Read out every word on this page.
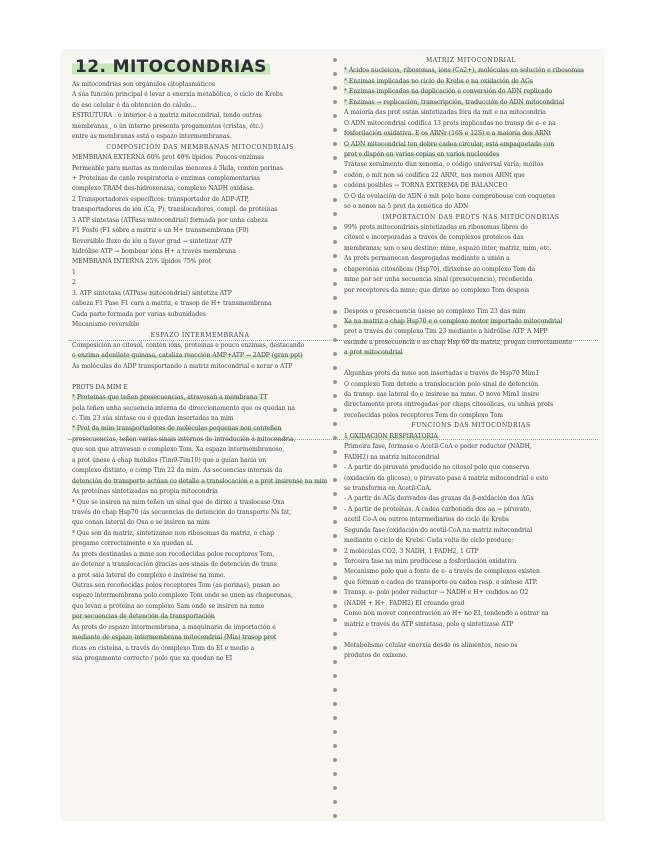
12. MITOCONDRIAS
As mitocondrias son orgánulos citoplasmáticos
A súa función principal é levar a enerxía metabólica, o ciclo de Krebs
de ese celular é da obtención do cálulo…
ESTRUTURA : o interior é a matriz mitocondrial, tendo outras
membranas , o ún interno presenta pregamentos (cristas, etc.)
entre as membranas está o espazo intermembranas.
COMPOSICIÓN DAS MEMBRANAS MITOCONDRIAIS
MEMBRANA EXTERNA 60% prot 40% lípidos. Poucos enzimas
Permeable para moitas as moléculas menores á 5kda, contén porinas
+ Proteínas de canle respiratoria e enzimas complementarias
complexo TRAM des-hidroxenasa, complexo NADH oxidasa.
2 Transportadores específicos: transportador de ADP-ATP,
transportadores de ión (Ca, P), translocadores, compl. de proteínas
3 ATP sintetasa (ATPasa mitocondrial) formada por unha cabeza
F1 Fosfo (F1 sobre a matriz e un H+ transmembrana (F0)
Reversible fluxo de ión a favor grad → sintetizar ATP
hidrólise ATP → bombear ións H+ a través membrana
MEMBRANA INTERNA 25% lípidos 75% prot
1
2
3. ATP sintetasa (ATPase mitocondrial) sintetiza ATP
cabeza F1 Pase F1 cara a matriz, e trasop de H+ transmembrana
Cada parte formada por varias subunidades
Mecanismo reversible
ESPAZO INTERMEMBRANA
Composición ao citosol, contén ións, proteínas e pouco enzimas, destacando
o enzima adenilato quinasa, cataliza reacción AMP+ATP → 2ADP (gran ppt)
As moléculas do ADP transportando á matriz mitocondrial e xerar o ATP
PROTS DA MIM E
* Proteínas que teñen presecuencias, atravesan a membrana TT
pola teñen unha secuencia interna de direccionamento que os quedan na
c. Tim 23 súa sintase ou é quedan insertadas na mim
* Prot da mim transportadores de moléculas pequenas non conteñen
presecuencias, teñen varias sinais internos de introdución á mitocondria,
que son que atravesan o complexo Tom. Xa espazo intermembranoso,
a prot únese á chap móbiles (Tim9-Tim10) que a guían hacia un
complexo distinto, o comp Tim 22 da mim. As secuencias internas da
detención do transporte actúan co detalle a translocación e a prot insirense na mim
As proteínas sintetizadas na propia mitocondria
* Que se insiren na mim teñen un sinal que de dirixe á traslocase Oxa
través do chap Hsp70 (ás secuencias de detención do transporte Ns fat,
que conan lateral do Oxa e se insiren na mim
* Que son da matriz, sintetízanse non ribosomas da matriz, o chap
pregame correctamente e xa quedan aí.
As prots destinadas a mme son recoñecidas polos receptores Tom,
ao detener a translocación gracias aos sinais de detención de trans
a prot sáia lateral do complexo e insírese na mme.
Outras son recoñecidas polos receptores Tom (as porinas), pasan ao
espazo intermembrana polo complexo Tom onde se unen as chaperonas,
que levan a proteína ao complexo Sam onde se insiren na mme
por secuencias de detención da transportación
As prots do espazo intermembrana, a maquinaria de importación é
mediante de espazo intermembrana mitocondrial (Mia) trasop prot
ricas en cisteína, a través do complexo Tom do EI e medio a
súa pregamento correcto / polo que xa quedan no EI
MATRIZ MITOCONDRIAL
* Ácidos nucleicos, ribosomas, ións (Ca2+), moléculas en solución e ribosomas
* Enzimas implicadas no ciclo de Krebs e na oxidación de AGs
* Enzimas implicadas na duplicación e conversión do ADN replicado
* Enzimas → replicación, transcripción, traducción do ADN mitocondrial
A maioría das prot están sintetizadas fóra da mit e na mitocondria
O ADN mitocondrial codifica 13 prots implicadas no transp de e- e na
fosforilación oxidativa. E os ARNr (16S e 12S) e a maioría dos ARNt
O ADN mitocondrial ten dobre cadea circular, está empaquetado con
prot e dispón en varias copias en varios nucleoides
Trátase xeralmente dun xenoma, o código universal varía; moitos
codón, o mit non só codifica 22 ARNt, nos menos ARNt que
codóns posibles → TORNA EXTREMA DE BALANCEO
O O da ovulación do ADN é mit polo hoxe comprobouse con coquetes
só o nenos na 5 prot da xenética do ADN
IMPORTACIÓN DAS PROTS NAS MITOCONDRIAS
99% prots mitocondriais sintetizadas en ribosomas libres do
citosol e incorporadas a través de complexos proteicos das
membranas; son o seu destino: mme, espazo inter, matriz, mim, etc.
As prots permanecen despregadas mediante a unión a
chaperonas citosólicas (Hsp70), dirixense ao complexo Tom da
mme por ser unha secuencia sinal (presecuencia), recoñecida
por receptores da mme; que dirixe ao complexo Tom despois
Despois o presecuencia úsese ao complexo Tim 23 das mim
Xa na matriz a chap Hsp70 e o complexo motor importado mitocondrial
prot a través do complexo Tim 23 mediante a hidrólise ATP. A MPP
escinde a presecuencia e as chap Hsp 60 da matriz, pregan correctamente
a prot mitocondrial
Algunhas prots da mme son insertadas a través de Hsp70 Mim1
O complexo Tom detene a translocación polo sinal de detención
da transp. sae lateral do e insírese na mme. O novo Mim1 insire
directamente prots entregadas por chaps citosólicas, ou unhas prots
recoñecidas polos receptores Tom do complexo Tom
FUNCIÓNS DAS MITOCONDRIAS
1 OXIDACIÓN RESPIRATORIA
Primeira fase, formase o Acetil-CoA e poder reductor (NADH,
FADH2) na matriz mitocondrial
- A partir do piruvato producido no citosol polo que conserva
(oxidación da glicosa), o piruvato pasa á matriz mitocondrial e este
se transforma en Acetil-CoA.
- A partir de AGs derivados das graxas da β-oxidación dos AGs
- A partir de proteínas. A cadea carbonada dos aa → piruvato,
acetil Co-A ou outros intermediarios do ciclo de Krebs
Segunda fase (oxidación do acetil-CoA na matriz mitocondrial
mediante o ciclo de Krebs. Cada volta do ciclo produce:
2 moléculas CO2, 3 NADH, 1 FADH2, 1 GTP
Terceira fase na mim prodúcese a fosforilación oxidativa
Mecanismo polo que a fonte de e- a través de complexos existen
que forman o cadea de transporte ou cadea resp. e síntese ATP.
Transp. e- polo poder reductor → NADH e H+ cedidos ao O2
(NADH + H+, FADH2) EI creando grad
Como non mover concentración ao H+ no EI, tendendo a entrar na
matriz e través da ATP sintetasa, polo q sintetizase ATP
Metabolismo celular enerxía desde os alimentos, neso os
produtos de oxíxeno.
